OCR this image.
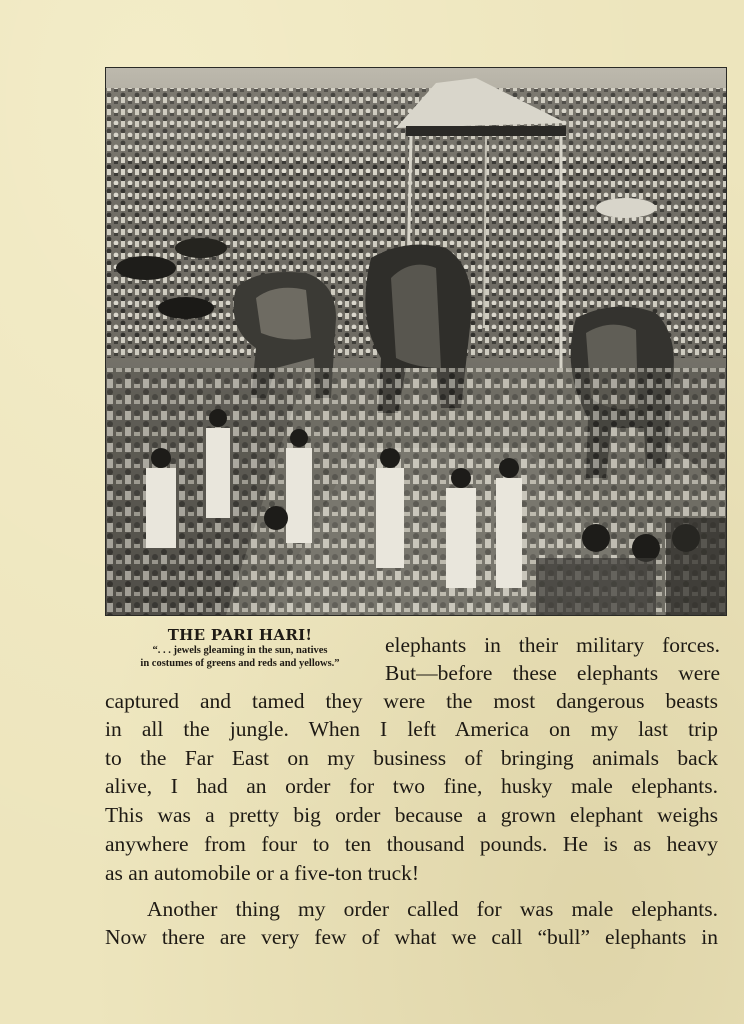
THE PARI HARI!

“. . . jewels gleaming in the sun, natives

in costumes of greens and reds and yellows.”

elephants in their military forces.

But—before these elephants were

captured and tamed they were the most dangerous beasts

in all the jungle. When I left America on my last trip

to the Far East on my business of bringing animals back

alive, I had an order for two fine, husky male elephants.

This was a pretty big order because a grown elephant weighs

anywhere from four to ten thousand pounds. He is as heavy

as an automobile or a five-ton truck!

Another thing my order called for was male elephants.

Now there are very few of what we call “bull” elephants in
